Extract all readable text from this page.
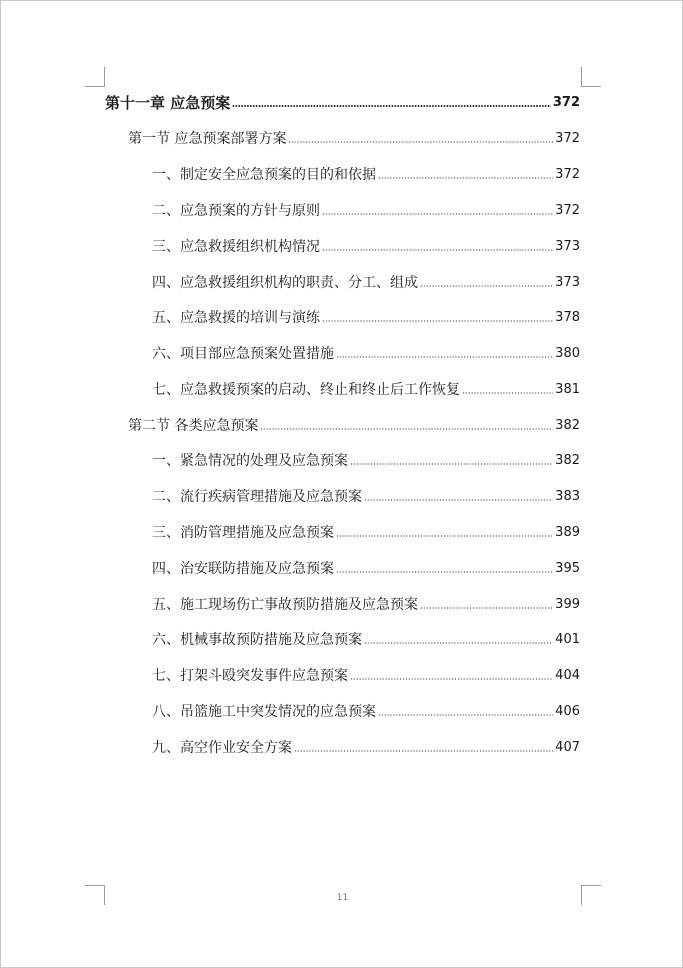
第十一章 应急预案	372
第一节 应急预案部署方案	372
一、制定安全应急预案的目的和依据	372
二、应急预案的方针与原则	372
三、应急救援组织机构情况	373
四、应急救援组织机构的职责、分工、组成	373
五、应急救援的培训与演练	378
六、项目部应急预案处置措施	380
七、应急救援预案的启动、终止和终止后工作恢复	381
第二节 各类应急预案	382
一、紧急情况的处理及应急预案	382
二、流行疾病管理措施及应急预案	383
三、消防管理措施及应急预案	389
四、治安联防措施及应急预案	395
五、施工现场伤亡事故预防措施及应急预案	399
六、机械事故预防措施及应急预案	401
七、打架斗殴突发事件应急预案	404
八、吊篮施工中突发情况的应急预案	406
九、高空作业安全方案	407
11
